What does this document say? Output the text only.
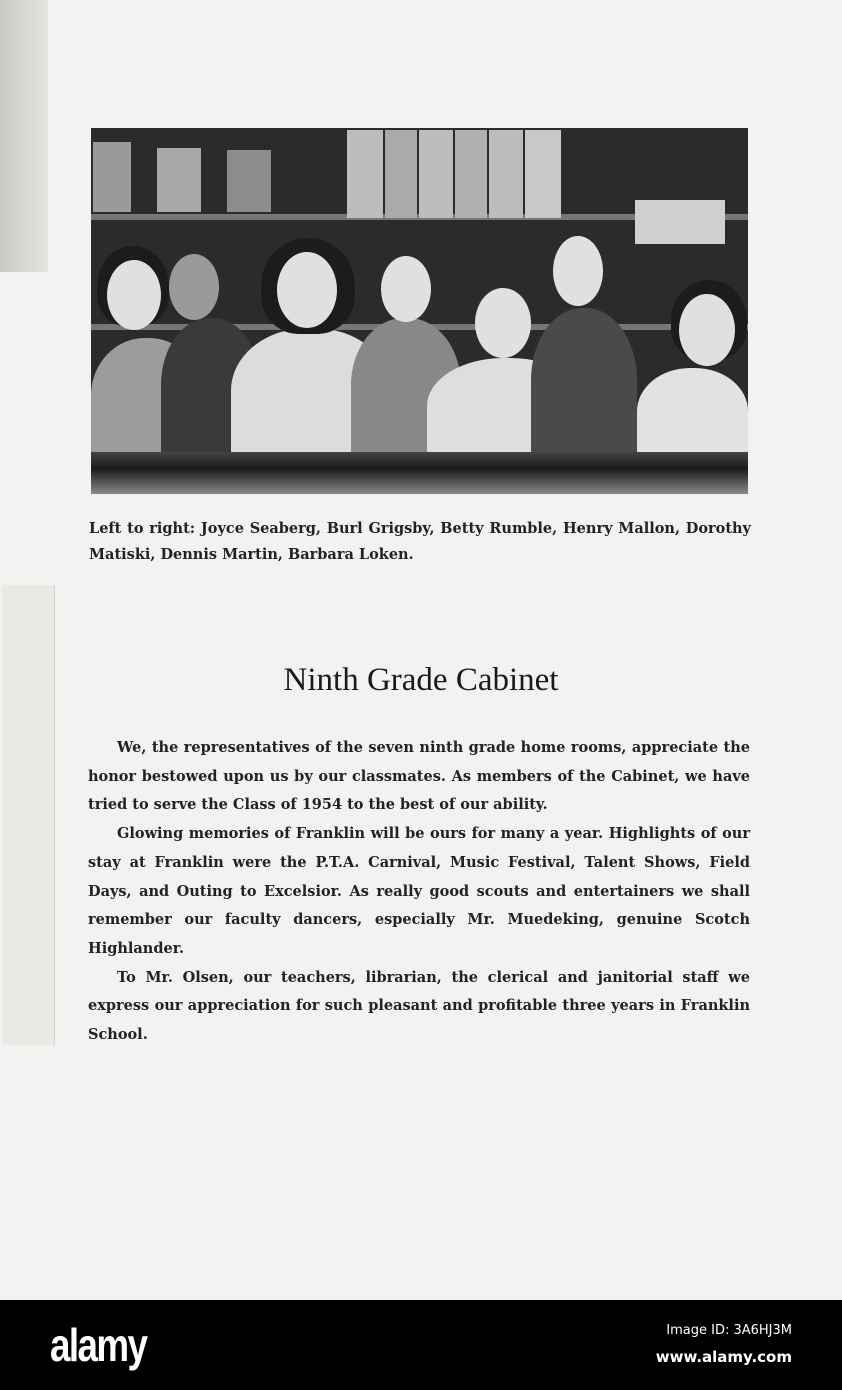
Left to right: Joyce Seaberg, Burl Grigsby, Betty Rumble, Henry Mallon, Dorothy Matiski, Dennis Martin, Barbara Loken.
Ninth Grade Cabinet

We, the representatives of the seven ninth grade home rooms, appreciate the honor bestowed upon us by our classmates. As members of the Cabinet, we have tried to serve the Class of 1954 to the best of our ability.

Glowing memories of Franklin will be ours for many a year. Highlights of our stay at Franklin were the P.T.A. Carnival, Music Festival, Talent Shows, Field Days, and Outing to Excelsior. As really good scouts and entertainers we shall remember our faculty dancers, especially Mr. Muedeking, genuine Scotch Highlander.

To Mr. Olsen, our teachers, librarian, the clerical and janitorial staff we express our appreciation for such pleasant and profitable three years in Franklin School.

alamy	Image ID: 3A6HJ3M
www.alamy.com
